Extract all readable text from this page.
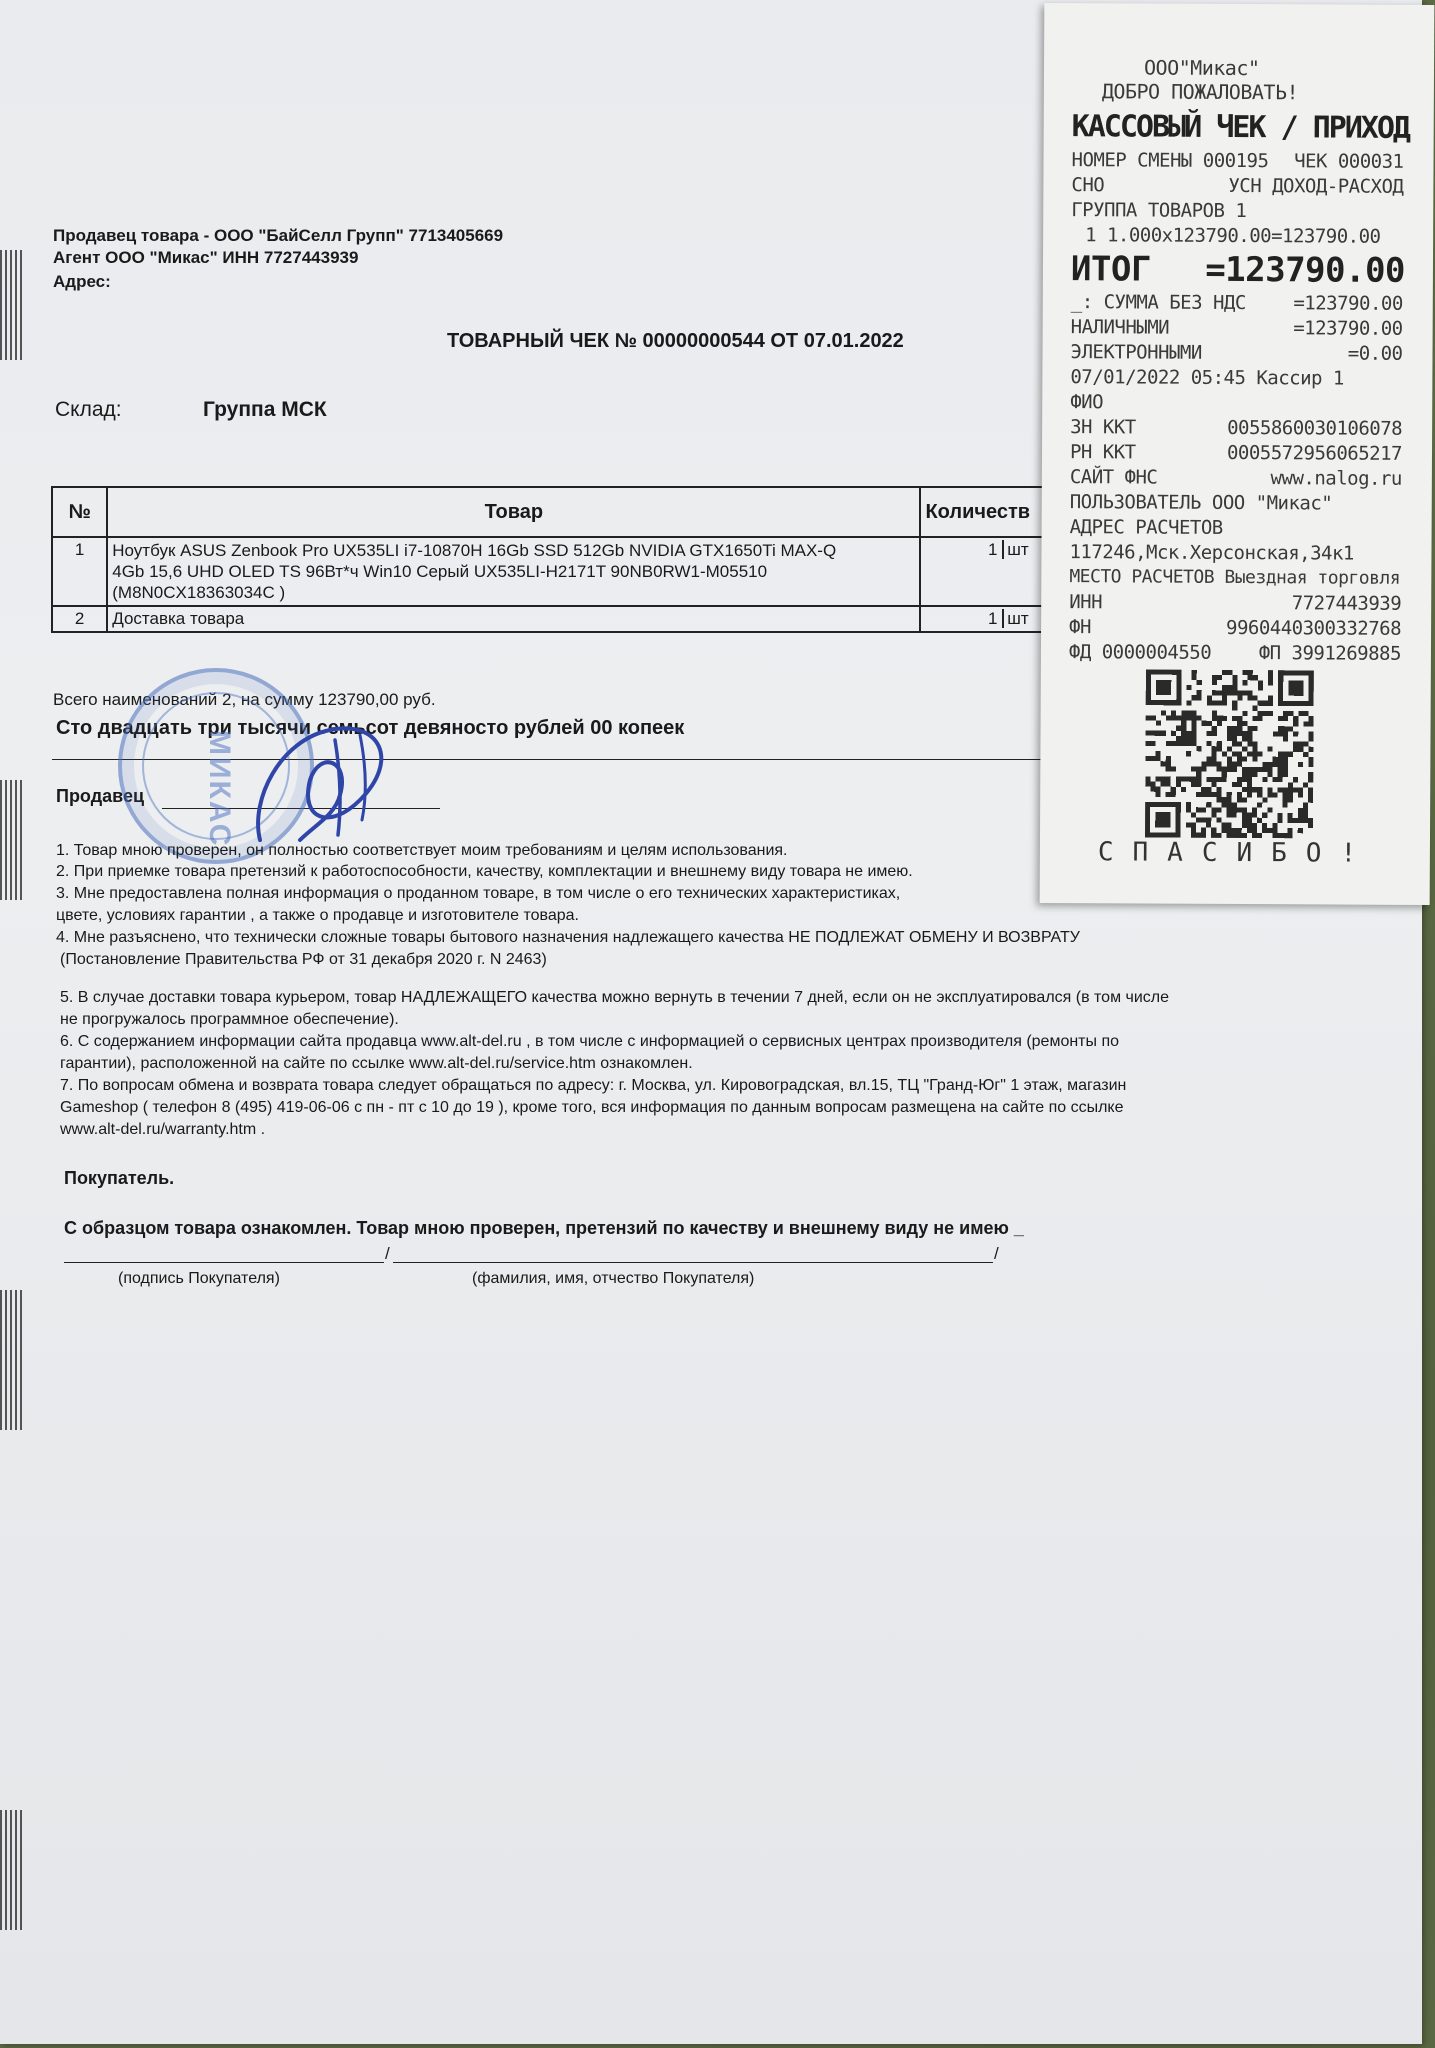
Продавец товара - ООО "БайСелл Групп" 7713405669
Агент ООО "Микас" ИНН 7727443939
Адрес:
ТОВАРНЫЙ ЧЕК № 00000000544 ОТ 07.01.2022
Склад:	Группа МСК
№	Товар	Количеств
1	Ноутбук ASUS Zenbook Pro UX535LI i7-10870H 16Gb SSD 512Gb NVIDIA GTX1650Ti MAX-Q
4Gb 15,6 UHD OLED TS 96Вт*ч Win10 Серый UX535LI-H2171T 90NB0RW1-M05510
(M8N0CX18363034C )	1 шт
2	Доставка товара	1 шт
Всего наименований 2, на сумму 123790,00 руб.
Сто двадцать три тысячи семьсот девяносто рублей 00 копеек
Продавец МИКАС
1. Товар мною проверен, он полностью соответствует моим требованиям и целям использования.
2. При приемке товара претензий к работоспособности, качеству, комплектации и внешнему виду товара не имею.
3. Мне предоставлена полная информация о проданном товаре, в том числе о его технических характеристиках,
цвете, условиях гарантии , а также о продавце и изготовителе товара.
4. Мне разъяснено, что технически сложные товары бытового назначения надлежащего качества НЕ ПОДЛЕЖАТ ОБМЕНУ И ВОЗВРАТУ
(Постановление Правительства РФ от 31 декабря 2020 г. N 2463)
5. В случае доставки товара курьером, товар НАДЛЕЖАЩЕГО качества можно вернуть в течении 7 дней, если он не эксплуатировался (в том числе
не прогружалось программное обеспечение).
6. С содержанием информации сайта продавца www.alt-del.ru , в том числе с информацией о сервисных центрах производителя (ремонты по
гарантии), расположенной на сайте по ссылке www.alt-del.ru/service.htm ознакомлен.
7. По вопросам обмена и возврата товара следует обращаться по адресу: г. Москва, ул. Кировоградская, вл.15, ТЦ "Гранд-Юг" 1 этаж, магазин
Gameshop ( телефон 8 (495) 419-06-06 с пн - пт с 10 до 19 ), кроме того, вся информация по данным вопросам размещена на сайте по ссылке
www.alt-del.ru/warranty.htm .
Покупатель.
С образцом товара ознакомлен. Товар мною проверен, претензий по качеству и внешнему виду не имею _
/	/
(подпись Покупателя)	(фамилия, имя, отчество Покупателя)
ООО"Микас"
ДОБРО ПОЖАЛОВАТЬ!
КАССОВЫЙ ЧЕК / ПРИХОД
НОМЕР СМЕНЫ 000195 ЧЕК 000031
СНО	УСН ДОХОД-РАСХОД
ГРУППА ТОВАРОВ 1
1 1.000x123790.00=123790.00
ИТОГ =123790.00
_: СУММА БЕЗ НДС =123790.00
НАЛИЧНЫМИ	=123790.00
ЭЛЕКТРОННЫМИ	=0.00
07/01/2022 05:45 Кассир 1
ФИО
ЗН ККТ	0055860030106078
РН ККТ	0005572956065217
САЙТ ФНС	www.nalog.ru
ПОЛЬЗОВАТЕЛЬ ООО "Микас"
АДРЕС РАСЧЕТОВ
117246,Мск.Херсонская,34к1
МЕСТО РАСЧЕТОВ Выездная торговля
ИНН	7727443939
ФН	9960440300332768
ФД 0000004550 ФП 3991269885
СПАСИБО!
